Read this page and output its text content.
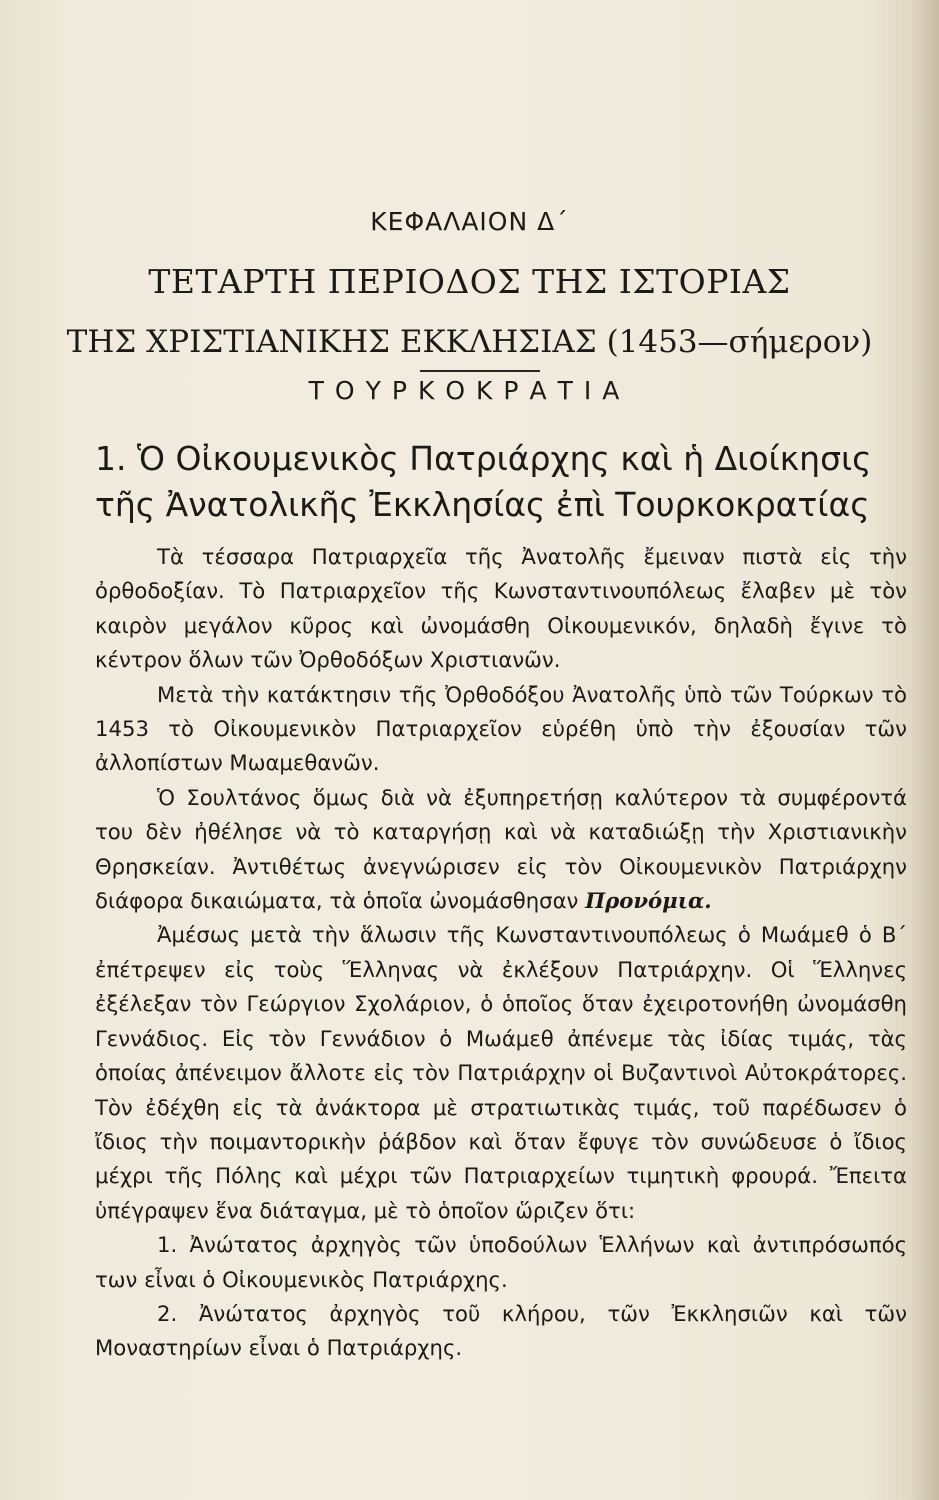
ΚΕΦΑΛΑΙΟΝ Δ΄
ΤΕΤΑΡΤΗ ΠΕΡΙΟΔΟΣ ΤΗΣ ΙΣΤΟΡΙΑΣ
ΤΗΣ ΧΡΙΣΤΙΑΝΙΚΗΣ ΕΚΚΛΗΣΙΑΣ (1453—σήμερον)
ΤΟΥΡΚΟΚΡΑΤΙΑ
1. Ὁ Οἰκουμενικὸς Πατριάρχης καὶ ἡ Διοίκησις τῆς Ἀνατολικῆς Ἐκκλησίας ἐπὶ Τουρκοκρατίας

Τὰ τέσσαρα Πατριαρχεῖα τῆς Ἀνατολῆς ἔμειναν πιστὰ εἰς τὴν ὀρθοδοξίαν. Τὸ Πατριαρχεῖον τῆς Κωνσταντινουπόλεως ἔλαβεν μὲ τὸν καιρὸν μεγάλον κῦρος καὶ ὠνομάσθη Οἰκουμενικόν, δηλαδὴ ἔγινε τὸ κέντρον ὅλων τῶν Ὀρθοδόξων Χριστιανῶν.

Μετὰ τὴν κατάκτησιν τῆς Ὀρθοδόξου Ἀνατολῆς ὑπὸ τῶν Τούρκων τὸ 1453 τὸ Οἰκουμενικὸν Πατριαρχεῖον εὑρέθη ὑπὸ τὴν ἐξουσίαν τῶν ἀλλοπίστων Μωαμεθανῶν.

Ὁ Σουλτάνος ὅμως διὰ νὰ ἐξυπηρετήσῃ καλύτερον τὰ συμφέροντά του δὲν ἠθέλησε νὰ τὸ καταργήσῃ καὶ νὰ καταδιώξῃ τὴν Χριστιανικὴν Θρησκείαν. Ἀντιθέτως ἀνεγνώρισεν εἰς τὸν Οἰκουμενικὸν Πατριάρχην διάφορα δικαιώματα, τὰ ὁποῖα ὠνομάσθησαν Προνόμια.

Ἀμέσως μετὰ τὴν ἅλωσιν τῆς Κωνσταντινουπόλεως ὁ Μωάμεθ ὁ Β΄ ἐπέτρεψεν εἰς τοὺς Ἕλληνας νὰ ἐκλέξουν Πατριάρχην. Οἱ Ἕλληνες ἐξέλεξαν τὸν Γεώργιον Σχολάριον, ὁ ὁποῖος ὅταν ἐχειροτονήθη ὠνομάσθη Γεννάδιος. Εἰς τὸν Γεννάδιον ὁ Μωάμεθ ἀπένεμε τὰς ἰδίας τιμάς, τὰς ὁποίας ἀπένειμον ἄλλοτε εἰς τὸν Πατριάρχην οἱ Βυζαντινοὶ Αὐτοκράτορες. Τὸν ἐδέχθη εἰς τὰ ἀνάκτορα μὲ στρατιωτικὰς τιμάς, τοῦ παρέδωσεν ὁ ἴδιος τὴν ποιμαντορικὴν ῥάβδον καὶ ὅταν ἔφυγε τὸν συνώδευσε ὁ ἴδιος μέχρι τῆς Πόλης καὶ μέχρι τῶν Πατριαρχείων τιμητικὴ φρουρά. Ἔπειτα ὑπέγραψεν ἕνα διάταγμα, μὲ τὸ ὁποῖον ὥριζεν ὅτι:

1. Ἀνώτατος ἀρχηγὸς τῶν ὑποδούλων Ἑλλήνων καὶ ἀντιπρόσωπός των εἶναι ὁ Οἰκουμενικὸς Πατριάρχης.

2. Ἀνώτατος ἀρχηγὸς τοῦ κλήρου, τῶν Ἐκκλησιῶν καὶ τῶν Μοναστηρίων εἶναι ὁ Πατριάρχης.
